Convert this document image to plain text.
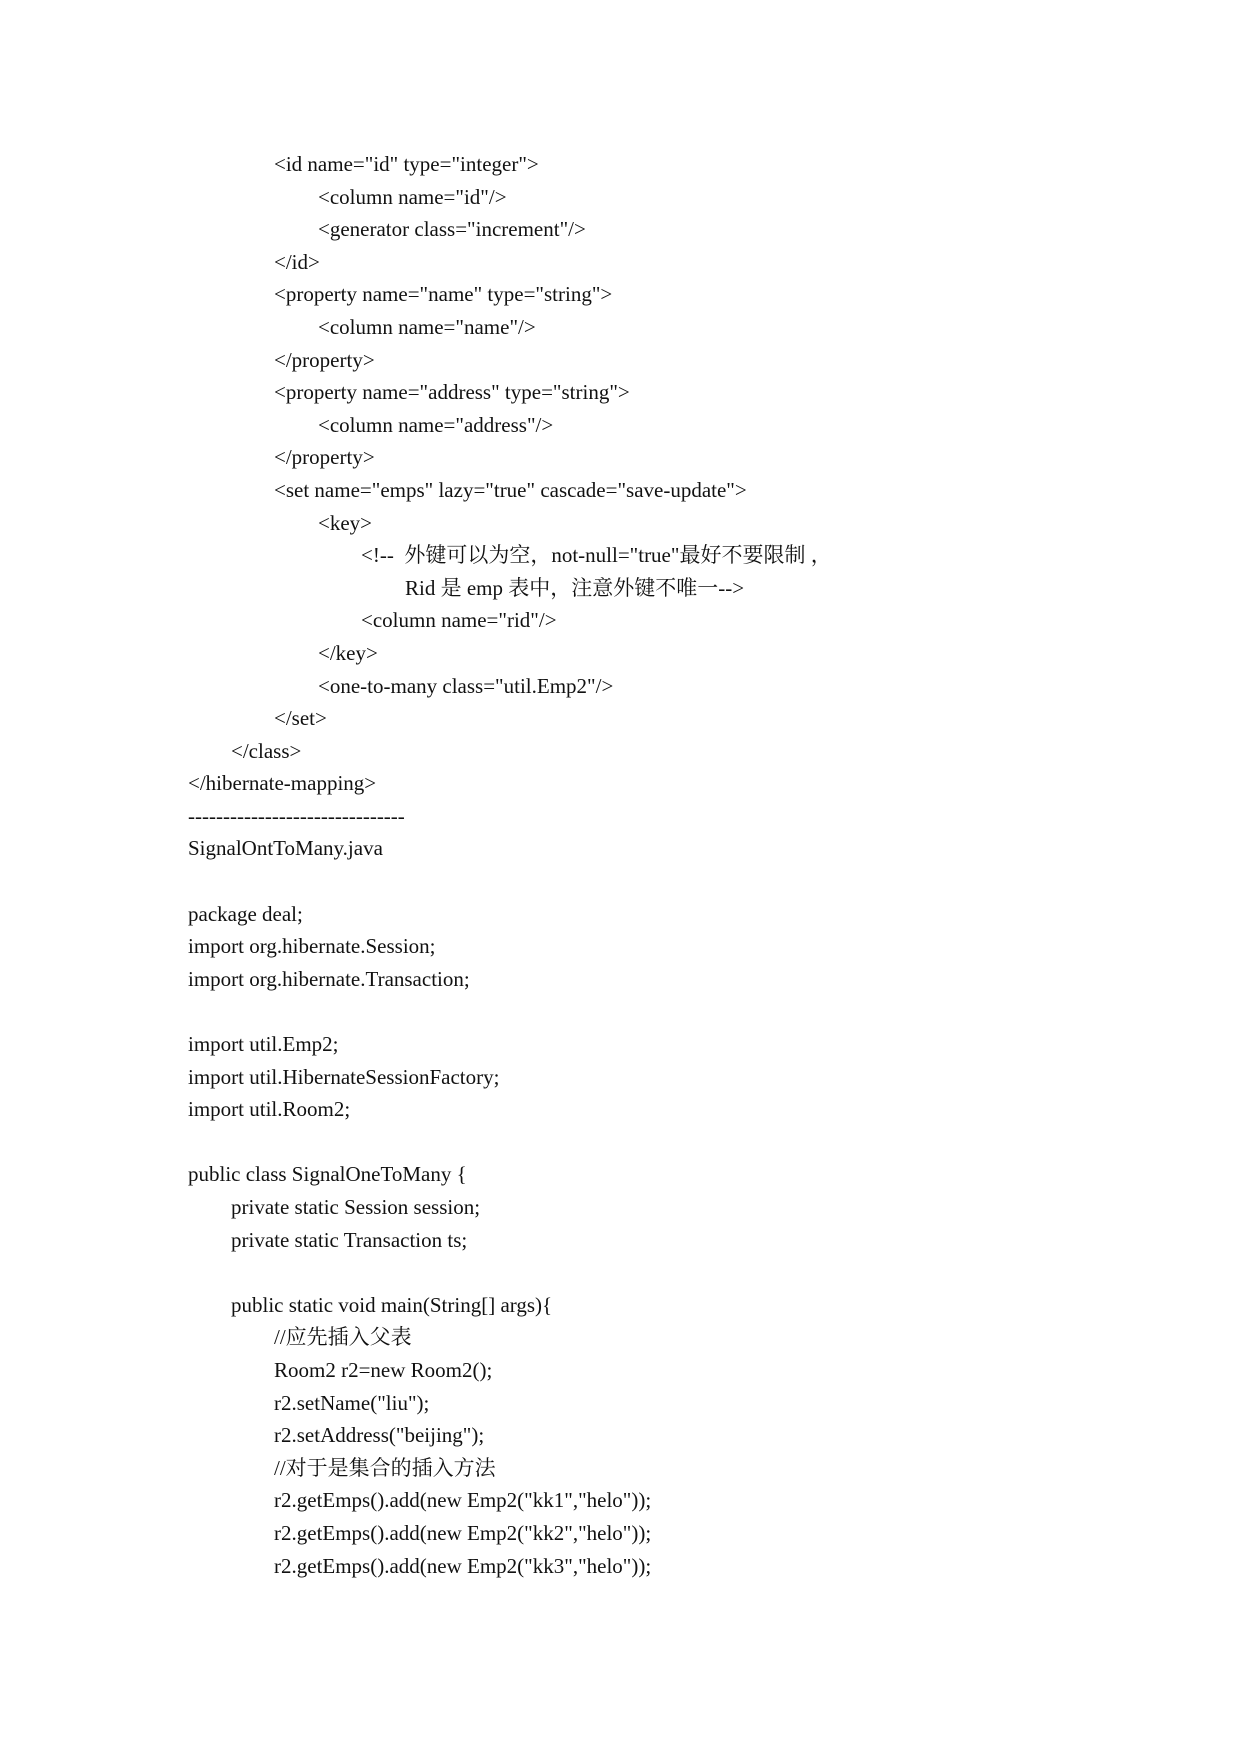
<id name="id" type="integer">
<column name="id"/>
<generator class="increment"/>
</id>
<property name="name" type="string">
<column name="name"/>
</property>
<property name="address" type="string">
<column name="address"/>
</property>
<set name="emps" lazy="true" cascade="save-update">
<key>
<!--  外键可以为空，not-null="true"最好不要限制 ，
Rid 是 emp 表中，注意外键不唯一-->
<column name="rid"/>
</key>
<one-to-many class="util.Emp2"/>
</set>
</class>
</hibernate-mapping>
-------------------------------
SignalOntToMany.java
package deal;
import org.hibernate.Session;
import org.hibernate.Transaction;
import util.Emp2;
import util.HibernateSessionFactory;
import util.Room2;
public class SignalOneToMany {
private static Session session;
private static Transaction ts;
public static void main(String[] args){
//应先插入父表
Room2 r2=new Room2();
r2.setName("liu");
r2.setAddress("beijing");
//对于是集合的插入方法
r2.getEmps().add(new Emp2("kk1","helo"));
r2.getEmps().add(new Emp2("kk2","helo"));
r2.getEmps().add(new Emp2("kk3","helo"));
